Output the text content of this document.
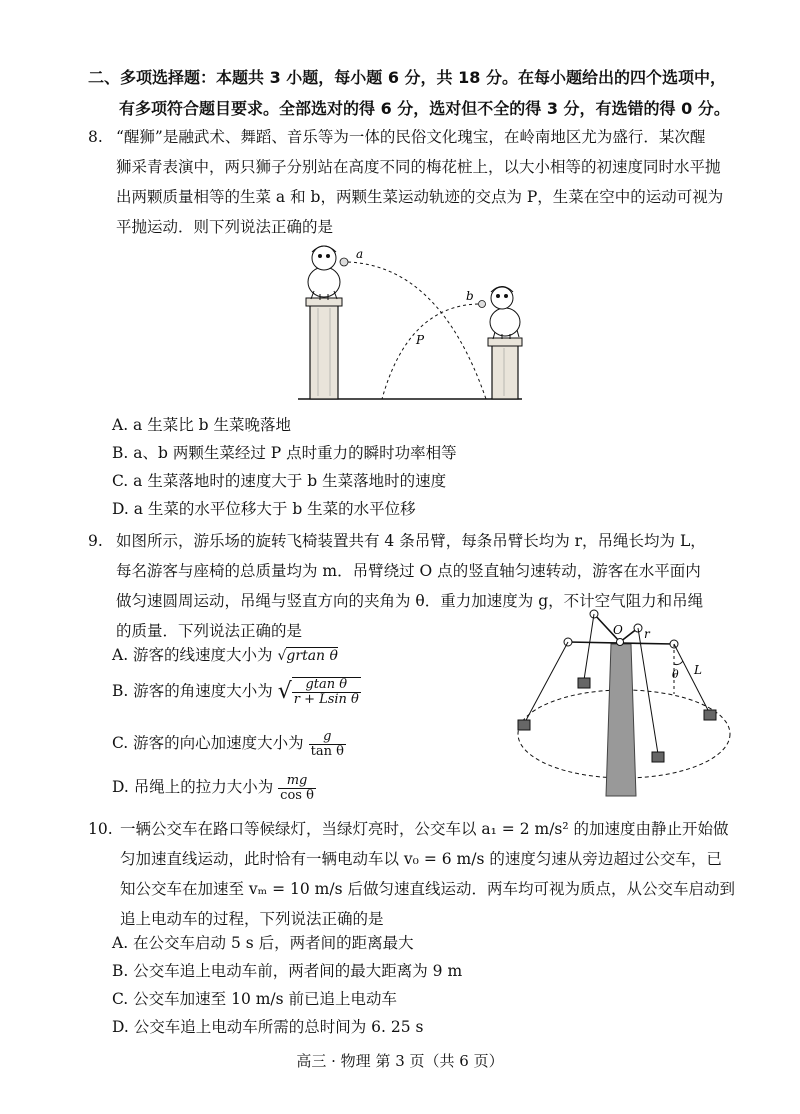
二、多项选择题：本题共 3 小题，每小题 6 分，共 18 分。在每小题给出的四个选项中，

有多项符合题目要求。全部选对的得 6 分，选对但不全的得 3 分，有选错的得 0 分。
8. “醒狮”是融武术、舞蹈、音乐等为一体的民俗文化瑰宝，在岭南地区尤为盛行．某次醒
狮采青表演中，两只狮子分别站在高度不同的梅花桩上，以大小相等的初速度同时水平抛
出两颗质量相等的生菜 a 和 b，两颗生菜运动轨迹的交点为 P，生菜在空中的运动可视为
平抛运动．则下列说法正确的是
a
b
P
A. a 生菜比 b 生菜晚落地
B. a、b 两颗生菜经过 P 点时重力的瞬时功率相等
C. a 生菜落地时的速度大于 b 生菜落地时的速度
D. a 生菜的水平位移大于 b 生菜的水平位移
9. 如图所示，游乐场的旋转飞椅装置共有 4 条吊臂，每条吊臂长均为 r，吊绳长均为 L，
每名游客与座椅的总质量均为 m．吊臂绕过 O 点的竖直轴匀速转动，游客在水平面内
做匀速圆周运动，吊绳与竖直方向的夹角为 θ．重力加速度为 g，不计空气阻力和吊绳
的质量．下列说法正确的是
A. 游客的线速度大小为 √grtan θ
B. 游客的角速度大小为 √ $\frac{\text{gtan θ}}{\text{r + Lsin θ}}$
C. 游客的向心加速度大小为 $\frac{g}{\text{tan θ}}$
D. 吊绳上的拉力大小为 $\frac{mg}{\text{cos θ}}$
O r
θ L
10. 一辆公交车在路口等候绿灯，当绿灯亮时，公交车以 a₁ = 2 m/s² 的加速度由静止开始做
匀加速直线运动，此时恰有一辆电动车以 v₀ = 6 m/s 的速度匀速从旁边超过公交车，已
知公交车在加速至 vₘ = 10 m/s 后做匀速直线运动．两车均可视为质点，从公交车启动到
追上电动车的过程，下列说法正确的是
A. 在公交车启动 5 s 后，两者间的距离最大
B. 公交车追上电动车前，两者间的最大距离为 9 m
C. 公交车加速至 10 m/s 前已追上电动车
D. 公交车追上电动车所需的总时间为 6. 25 s
高三 · 物理 第 3 页（共 6 页）
